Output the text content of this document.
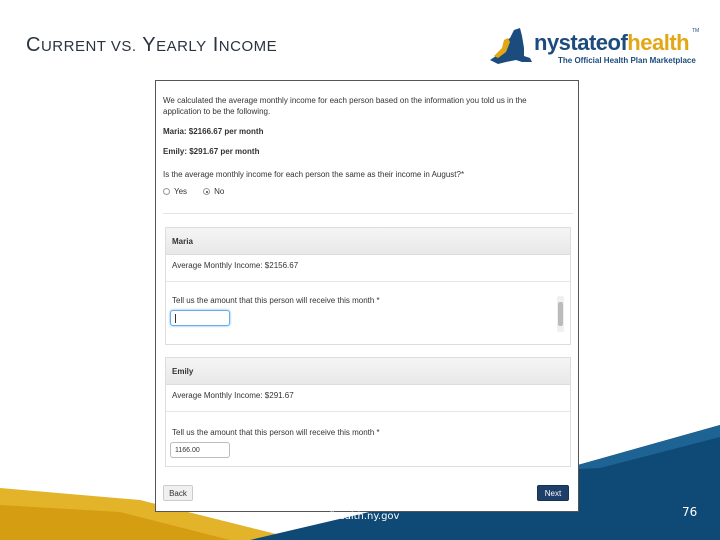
CURRENT VS. YEARLY INCOME	nystateofhealth TM
The Official Health Plan Marketplace
We calculated the average monthly income for each person based on the information you told us in the application to be the following.
Maria: $2166.67 per month
Emily: $291.67 per month
Is the average monthly income for each person the same as their income in August?*
Yes	No
Maria
Average Monthly Income: $2156.67
Tell us the amount that this person will receive this month *
Emily
Average Monthly Income: $291.67
Tell us the amount that this person will receive this month *
1166.00
Back	Next
nystateofhealth.ny.gov	76
